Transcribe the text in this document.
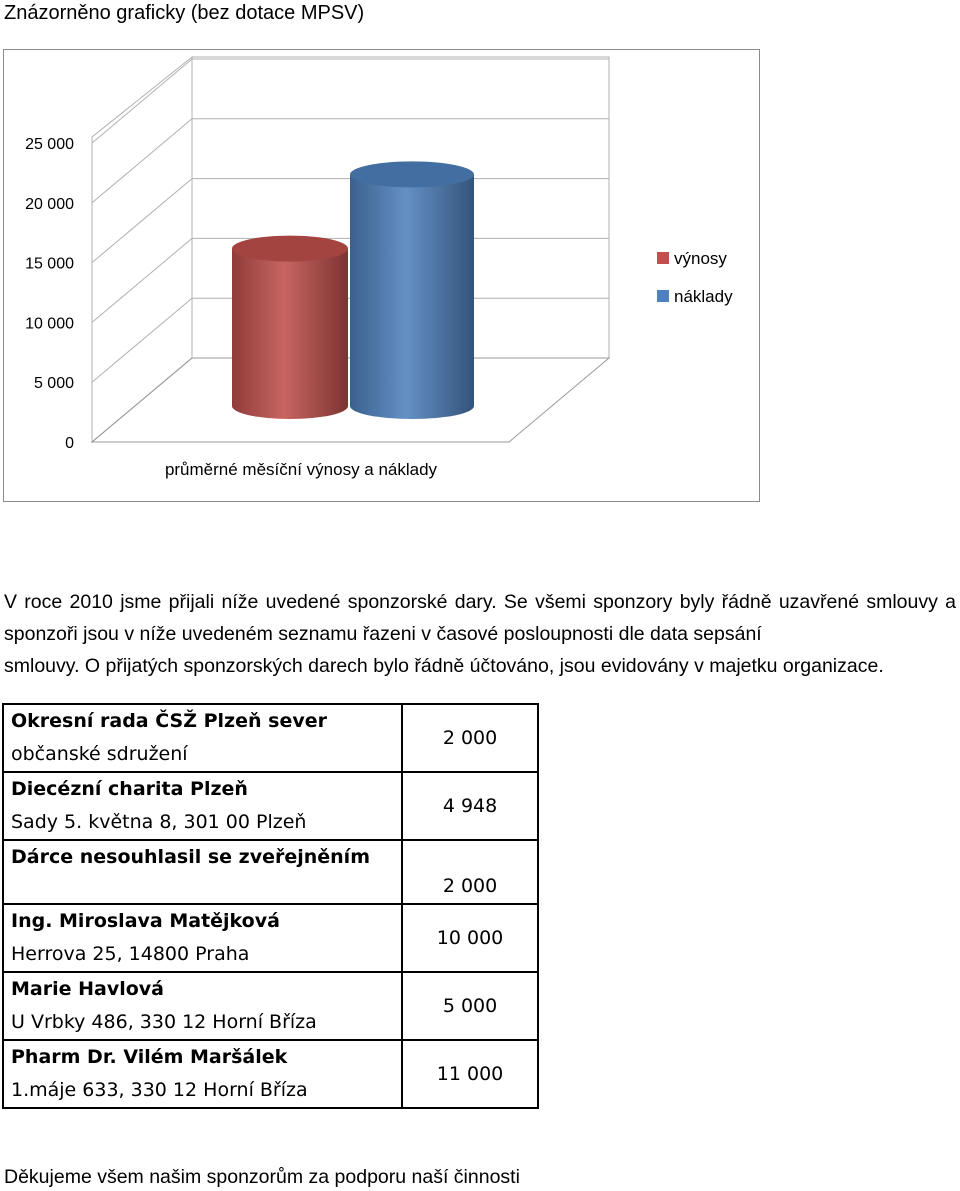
Znázorněno graficky (bez dotace MPSV)
0
5 000
10 000
15 000
20 000
25 000
průměrné měsíční výnosy a náklady
výnosy
náklady
V roce 2010 jsme přijali níže uvedené sponzorské dary. Se všemi sponzory byly řádně uzavřené smlouvy a sponzoři jsou v níže uvedeném seznamu řazeni v časové posloupnosti dle data sepsání
smlouvy. O přijatých sponzorských darech bylo řádně účtováno, jsou evidovány v majetku organizace.
Okresní rada ČSŽ Plzeň sever
občanské sdružení	2 000

Diecézní charita Plzeň
Sady 5. května 8, 301 00 Plzeň	4 948

Dárce nesouhlasil se zveřejněním	2 000

Ing. Miroslava Matějková
Herrova 25, 14800 Praha	10 000

Marie Havlová
U Vrbky 486, 330 12 Horní Bříza	5 000

Pharm Dr. Vilém Maršálek
1.máje 633, 330 12 Horní Bříza	11 000
Děkujeme všem našim sponzorům za podporu naší činnosti
